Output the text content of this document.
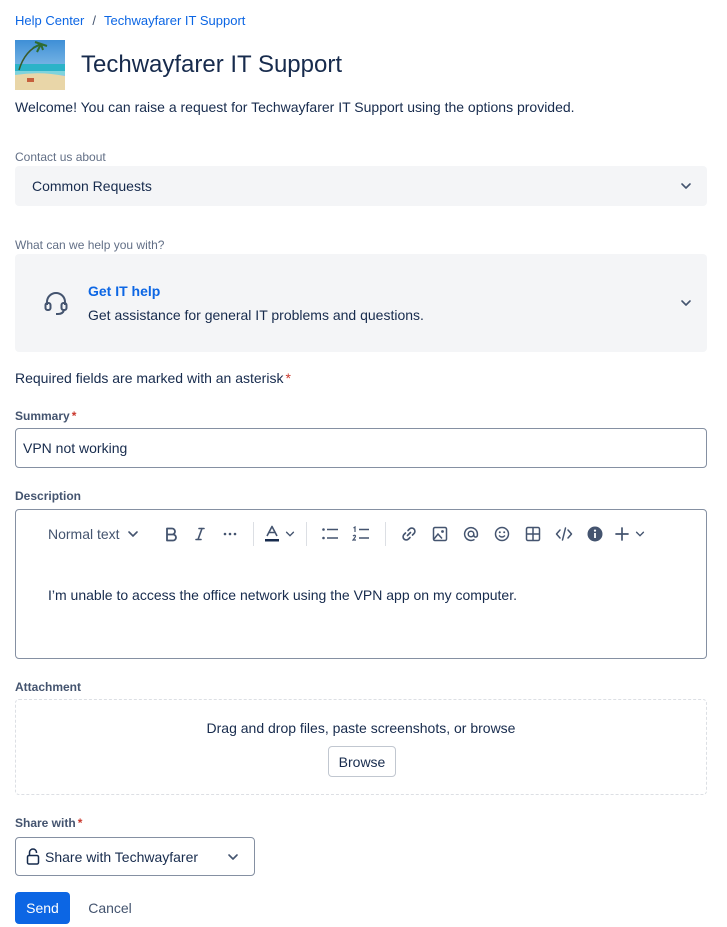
Help Center / Techwayfarer IT Support
Techwayfarer IT Support
Welcome! You can raise a request for Techwayfarer IT Support using the options provided.
Contact us about
Common Requests
What can we help you with?
Get IT help
Get assistance for general IT problems and questions.
Required fields are marked with an asterisk *
Summary *
VPN not working
Description
Normal text
I’m unable to access the office network using the VPN app on my computer.
Attachment
Drag and drop files, paste screenshots, or browse
Browse
Share with *
Share with Techwayfarer
Send	Cancel
